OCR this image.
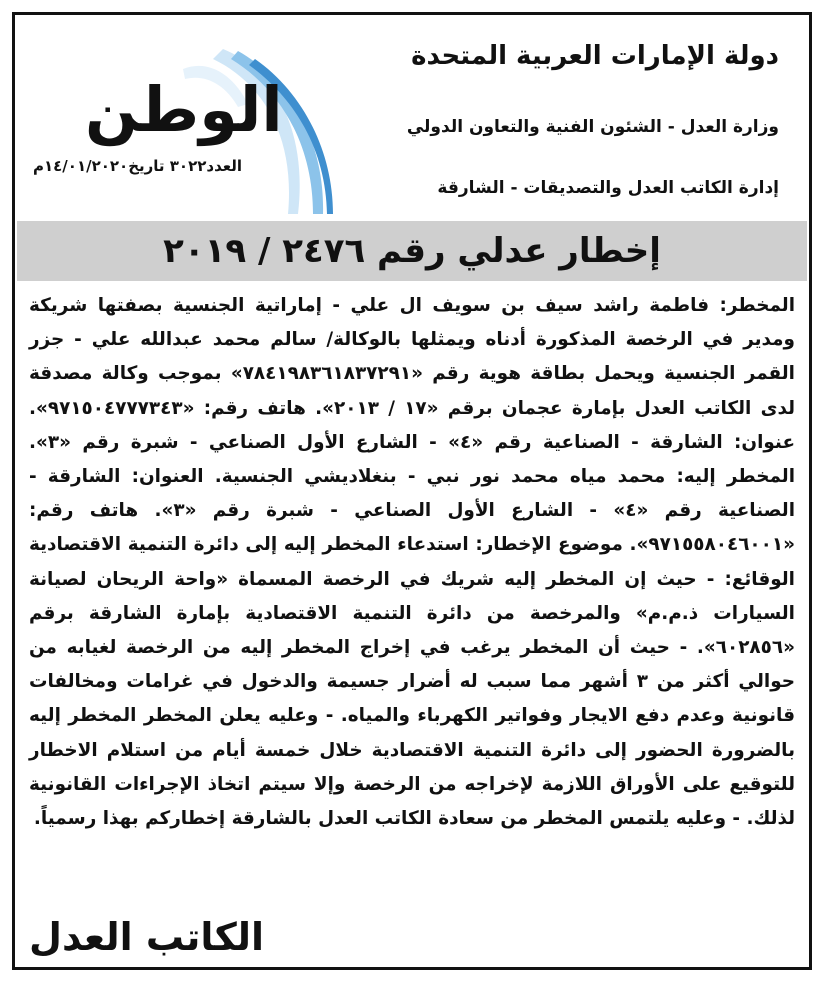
دولة الإمارات العربية المتحدة
وزارة العدل - الشئون الفنية والتعاون الدولي
إدارة الكاتب العدل والتصديقات - الشارقة
الوطن
العدد٣٠٢٢ تاريخ١٤/٠١/٢٠٢٠م
إخطار عدلي رقم ٢٤٧٦ / ٢٠١٩
المخطر: فاطمة راشد سيف بن سويف ال علي - إماراتية الجنسية بصفتها شريكة ومدير في الرخصة المذكورة أدناه ويمثلها بالوكالة/ سالم محمد عبدالله علي - جزر القمر الجنسية ويحمل بطاقة هوية رقم «٧٨٤١٩٨٣٦١٨٣٧٢٩١» بموجب وكالة مصدقة لدى الكاتب العدل بإمارة عجمان برقم «١٧ / ٢٠١٣». هاتف رقم: «٩٧١٥٠٤٧٧٧٣٤٣». عنوان: الشارقة - الصناعية رقم «٤» - الشارع الأول الصناعي - شبرة رقم «٣». المخطر إليه: محمد مياه محمد نور نبي - بنغلاديشي الجنسية. العنوان: الشارقة - الصناعية رقم «٤» - الشارع الأول الصناعي - شبرة رقم «٣». هاتف رقم: «٩٧١٥٥٨٠٤٦٠٠١». موضوع الإخطار: استدعاء المخطر إليه إلى دائرة التنمية الاقتصادية الوقائع: - حيث إن المخطر إليه شريك في الرخصة المسماة «واحة الريحان لصيانة السيارات ذ.م.م» والمرخصة من دائرة التنمية الاقتصادية بإمارة الشارقة برقم «٦٠٢٨٥٦». - حيث أن المخطر يرغب في إخراج المخطر إليه من الرخصة لغيابه من حوالي أكثر من ٣ أشهر مما سبب له أضرار جسيمة والدخول في غرامات ومخالفات قانونية وعدم دفع الايجار وفواتير الكهرباء والمياه. - وعليه يعلن المخطر المخطر إليه بالضرورة الحضور إلى دائرة التنمية الاقتصادية خلال خمسة أيام من استلام الاخطار للتوقيع على الأوراق اللازمة لإخراجه من الرخصة وإلا سيتم اتخاذ الإجراءات القانونية لذلك. - وعليه يلتمس المخطر من سعادة الكاتب العدل بالشارقة إخطاركم بهذا رسمياً.
الكاتب العدل
